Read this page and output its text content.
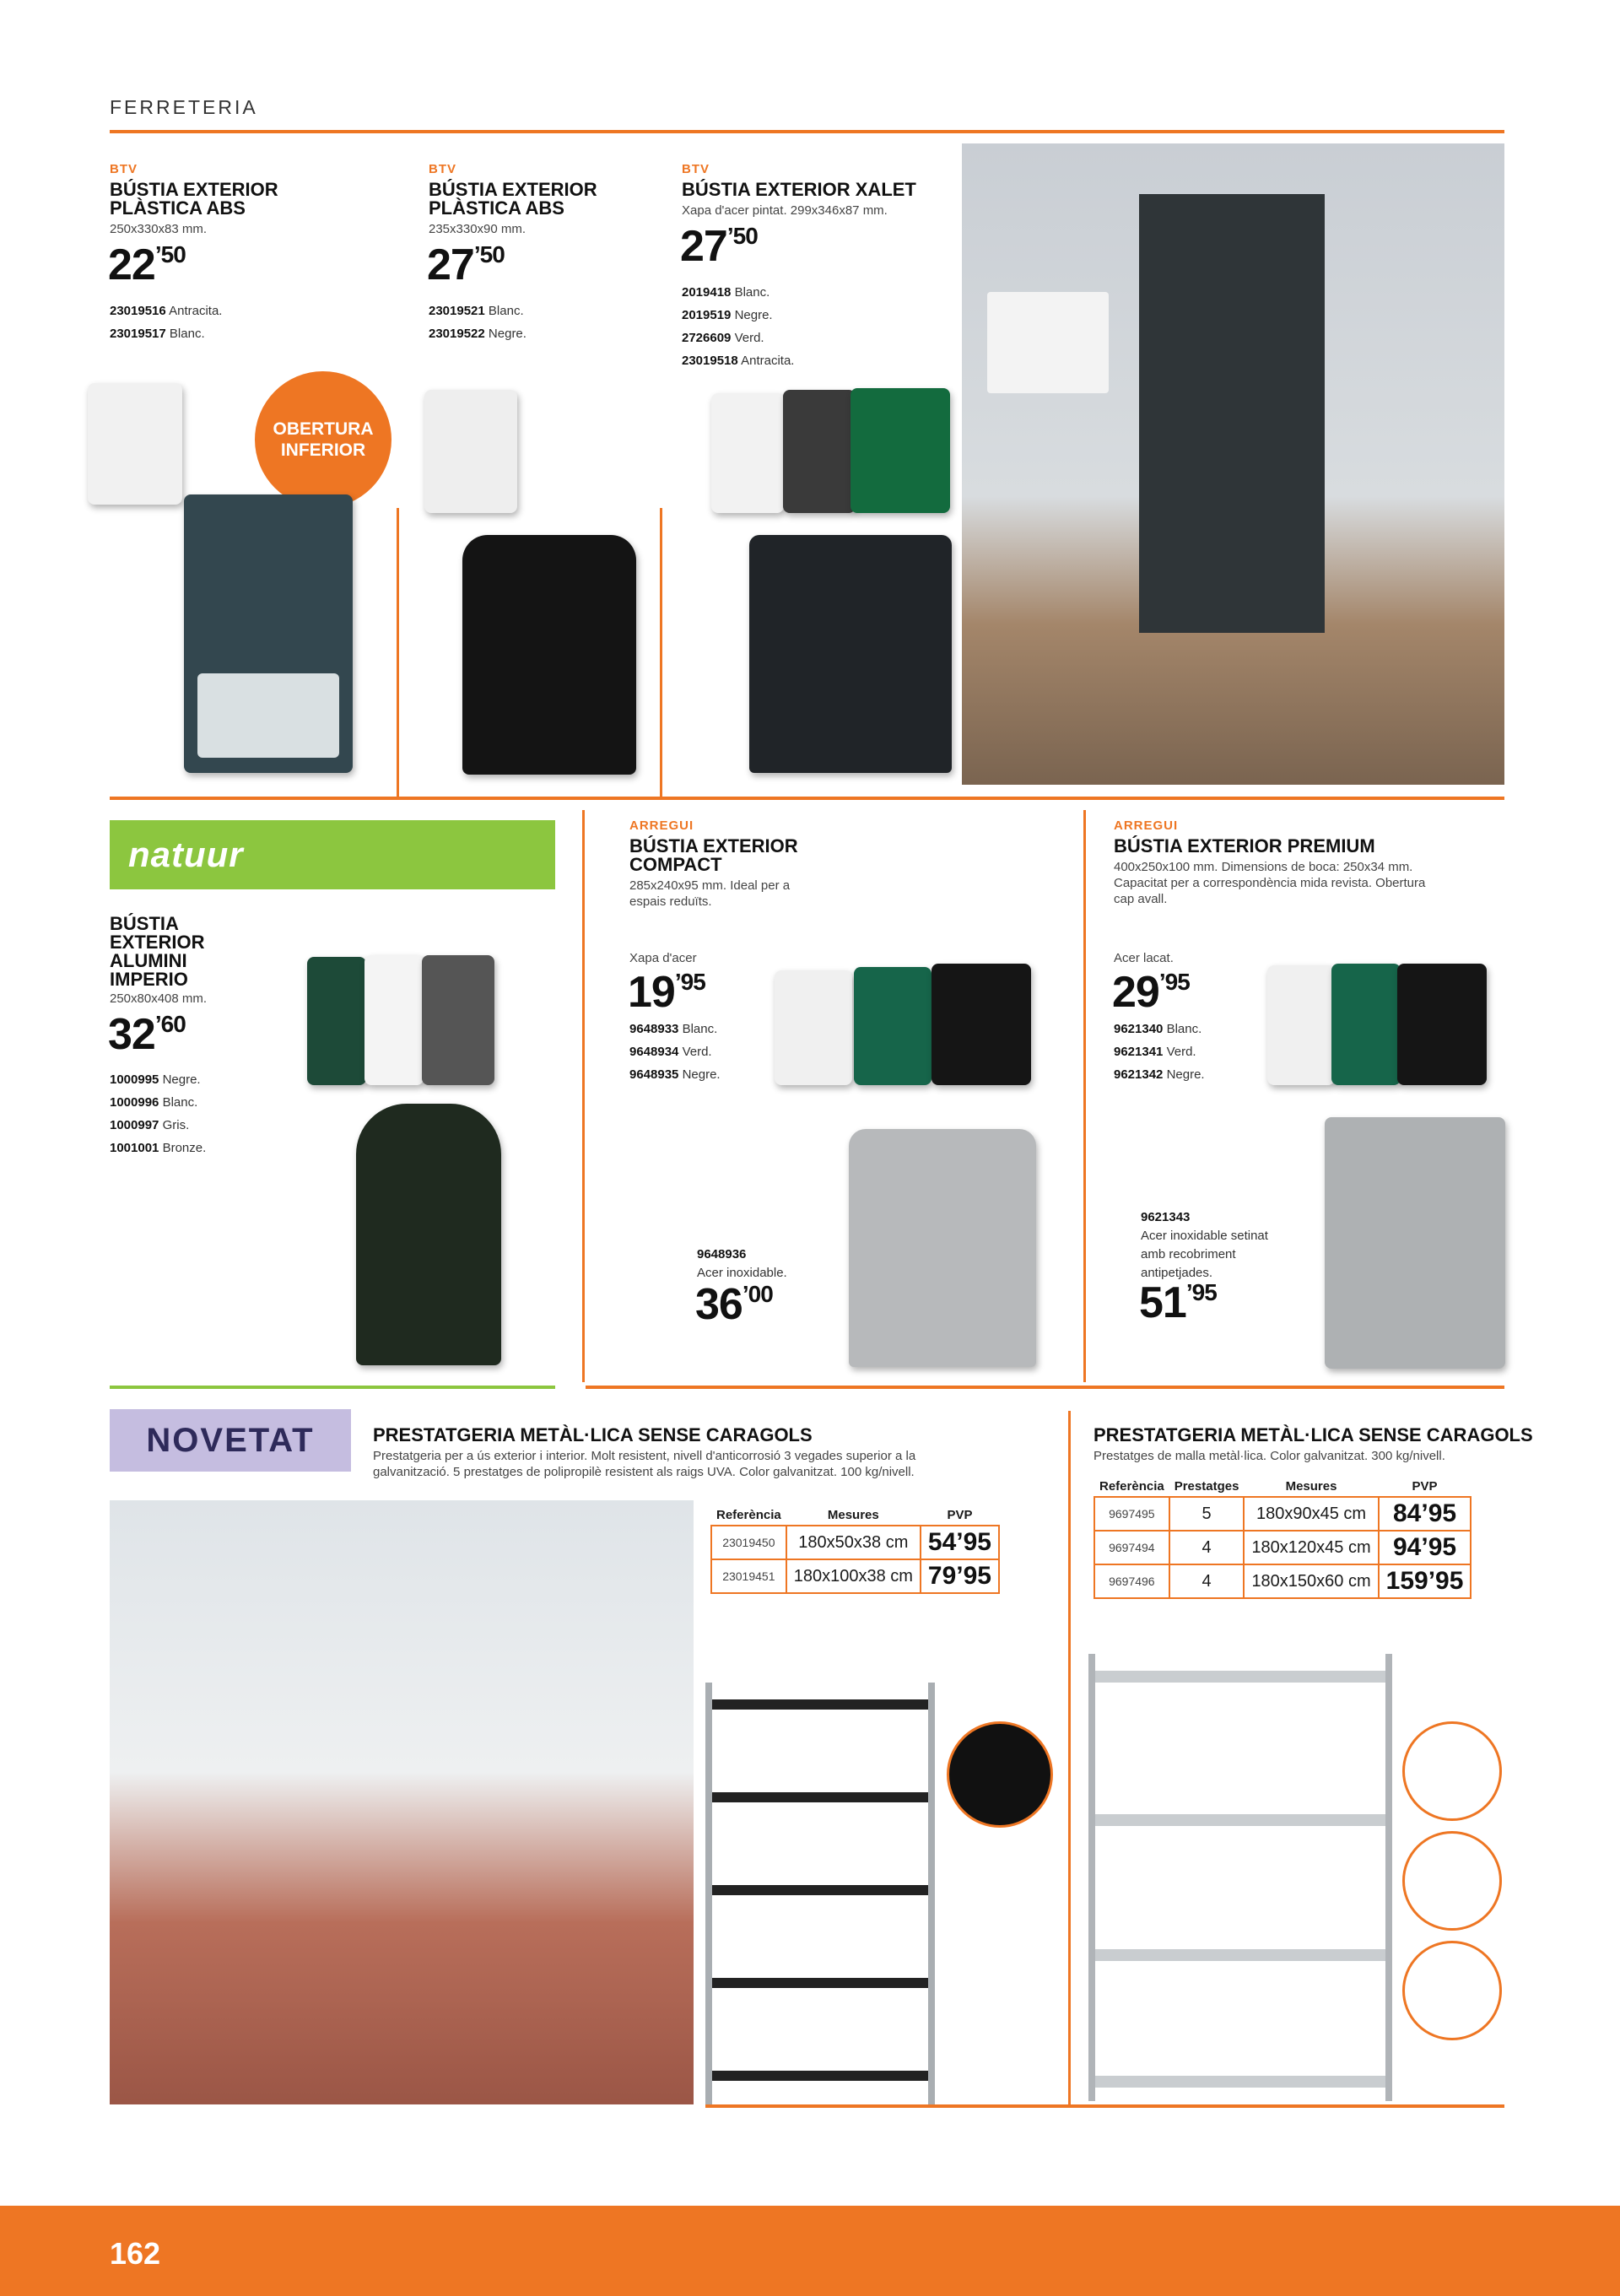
FERRETERIA
BTV
BÚSTIA EXTERIOR
PLÀSTICA ABS
250x330x83 mm.
22’50
23019516 Antracita.
23019517 Blanc.
OBERTURA
INFERIOR
BTV
BÚSTIA EXTERIOR
PLÀSTICA ABS
235x330x90 mm.
27’50
23019521 Blanc.
23019522 Negre.
BTV
BÚSTIA EXTERIOR XALET
Xapa d'acer pintat. 299x346x87 mm.
27’50
2019418 Blanc.
2019519 Negre.
2726609 Verd.
23019518 Antracita.
natuur
BÚSTIA
EXTERIOR
ALUMINI
IMPERIO
250x80x408 mm.
32’60
1000995 Negre.
1000996 Blanc.
1000997 Gris.
1001001 Bronze.
ARREGUI
BÚSTIA EXTERIOR
COMPACT
285x240x95 mm. Ideal per a
espais reduïts.
Xapa d'acer
19’95
9648933 Blanc.
9648934 Verd.
9648935 Negre.
9648936
Acer inoxidable.
36’00
ARREGUI
BÚSTIA EXTERIOR PREMIUM
400x250x100 mm. Dimensions de boca: 250x34 mm.
Capacitat per a correspondència mida revista. Obertura
cap avall.
Acer lacat.
29’95
9621340 Blanc.
9621341 Verd.
9621342 Negre.
9621343
Acer inoxidable setinat
amb recobriment
antipetjades.
51’95
NOVETAT	PRESTATGERIA METÀL·LICA SENSE CARAGOLS
Prestatgeria per a ús exterior i interior. Molt resistent, nivell d'anticorrosió 3 vegades superior a la
galvanització. 5 prestatges de polipropilè resistent als raigs UVA. Color galvanitzat. 100 kg/nivell.
Referència	Mesures	PVP
23019450	180x50x38 cm	54’95
23019451	180x100x38 cm	79’95
PRESTATGERIA METÀL·LICA SENSE CARAGOLS
Prestatges de malla metàl·lica. Color galvanitzat. 300 kg/nivell.
Referència	Prestatges	Mesures	PVP
9697495	5	180x90x45 cm	84’95
9697494	4	180x120x45 cm	94’95
9697496	4	180x150x60 cm	159’95
162
